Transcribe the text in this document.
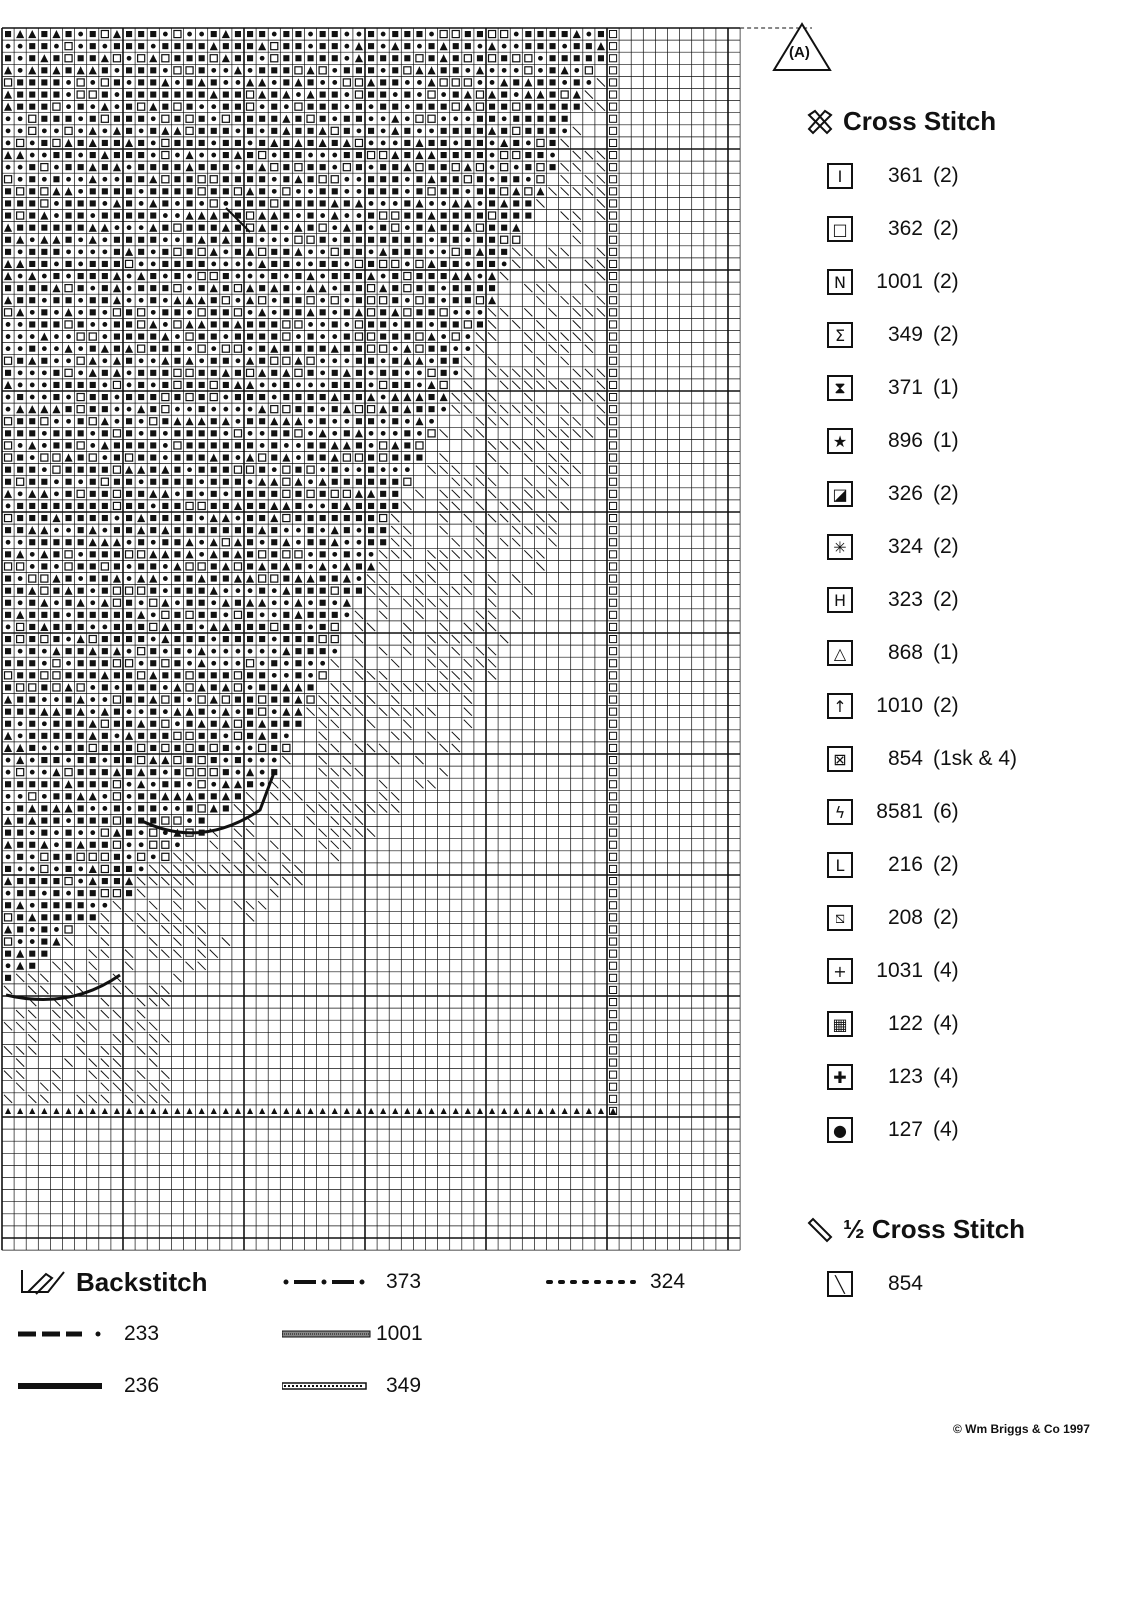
(A)
Cross Stitch
I	361 (2)
□	362 (2)
N	1001 (2)
Σ	349 (2)
⧗	371 (1)
★	896 (1)
◪	326 (2)
✳	324 (2)
H	323 (2)
△	868 (1)
↑	1010 (2)
⊠	854 (1sk & 4)
ϟ	8581 (6)
L	216 (2)
⧅	208 (2)
+	1031 (4)
▦	122 (4)
✚	123 (4)
●	127 (4)
½ Cross Stitch
╲	854
Backstitch
233
236
373
1001
349
324
© Wm Briggs & Co 1997
